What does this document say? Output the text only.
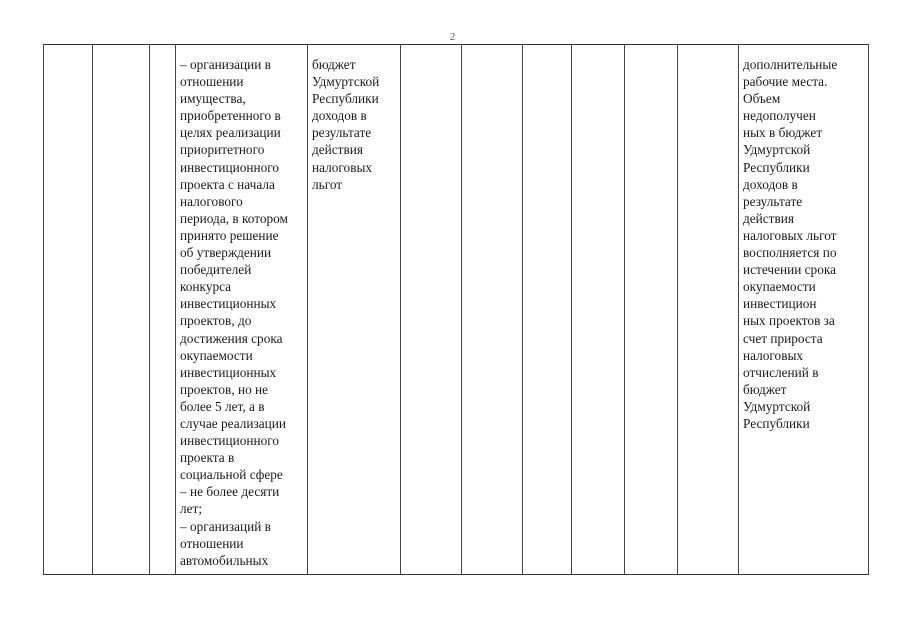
2
– организации в
отношении
имущества,
приобретенного в
целях реализации
приоритетного
инвестиционного
проекта с начала
налогового
периода, в котором
принято решение
об утверждении
победителей
конкурса
инвестиционных
проектов, до
достижения срока
окупаемости
инвестиционных
проектов, но не
более 5 лет, а в
случае реализации
инвестиционного
проекта в
социальной сфере
– не более десяти
лет;
– организаций в
отношении
автомобильных
бюджет
Удмуртской
Республики
доходов в
результате
действия
налоговых
льгот
дополнительные
рабочие места.
Объем
недополучен
ных в бюджет
Удмуртской
Республики
доходов в
результате
действия
налоговых льгот
восполняется по
истечении срока
окупаемости
инвестицион
ных проектов за
счет прироста
налоговых
отчислений в
бюджет
Удмуртской
Республики
